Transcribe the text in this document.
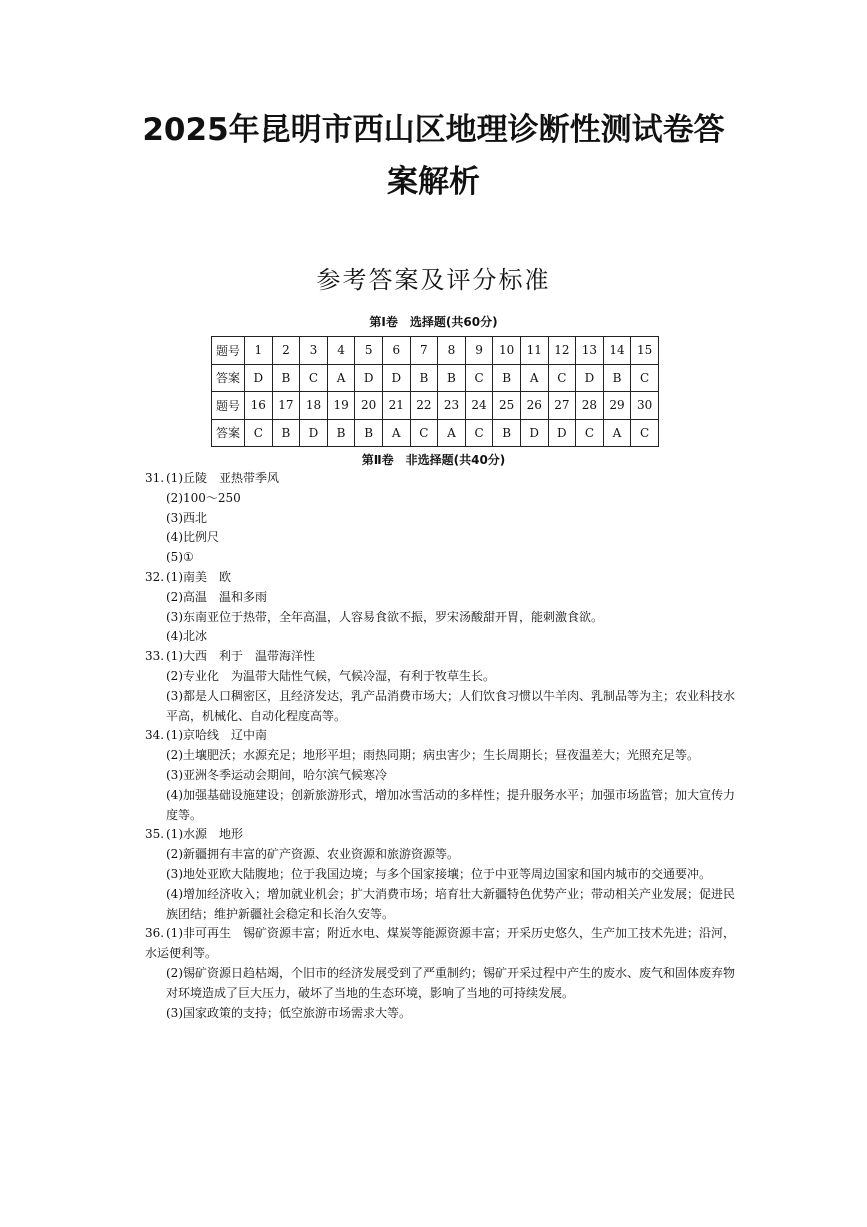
2025年昆明市西山区地理诊断性测试卷答
案解析
参考答案及评分标准
第Ⅰ卷　选择题(共60分)
题号	1	2	3	4	5	6	7	8	9	10	11	12	13	14	15
答案	D	B	C	A	D	D	B	B	C	B	A	C	D	B	C
题号	16	17	18	19	20	21	22	23	24	25	26	27	28	29	30
答案	C	B	D	B	B	A	C	A	C	B	D	D	C	A	C
第Ⅱ卷　非选择题(共40分)
31. (1)丘陵　亚热带季风
(2)100～250
(3)西北
(4)比例尺
(5)①
32. (1)南美　欧
(2)高温　温和多雨
(3)东南亚位于热带，全年高温，人容易食欲不振，罗宋汤酸甜开胃，能刺激食欲。
(4)北冰
33. (1)大西　利于　温带海洋性
(2)专业化　为温带大陆性气候，气候冷湿，有利于牧草生长。
(3)都是人口稠密区，且经济发达，乳产品消费市场大；人们饮食习惯以牛羊肉、乳制品等为主；农业科技水平高，机械化、自动化程度高等。
34. (1)京哈线　辽中南
(2)土壤肥沃；水源充足；地形平坦；雨热同期；病虫害少；生长周期长；昼夜温差大；光照充足等。
(3)亚洲冬季运动会期间，哈尔滨气候寒冷
(4)加强基础设施建设；创新旅游形式，增加冰雪活动的多样性；提升服务水平；加强市场监管；加大宣传力度等。
35. (1)水源　地形
(2)新疆拥有丰富的矿产资源、农业资源和旅游资源等。
(3)地处亚欧大陆腹地；位于我国边境；与多个国家接壤；位于中亚等周边国家和国内城市的交通要冲。
(4)增加经济收入；增加就业机会；扩大消费市场；培育壮大新疆特色优势产业；带动相关产业发展；促进民族团结；维护新疆社会稳定和长治久安等。
36. (1)非可再生　锡矿资源丰富；附近水电、煤炭等能源资源丰富；开采历史悠久，生产加工技术先进；沿河，水运便利等。
(2)锡矿资源日趋枯竭，个旧市的经济发展受到了严重制约；锡矿开采过程中产生的废水、废气和固体废弃物对环境造成了巨大压力，破坏了当地的生态环境，影响了当地的可持续发展。
(3)国家政策的支持；低空旅游市场需求大等。
